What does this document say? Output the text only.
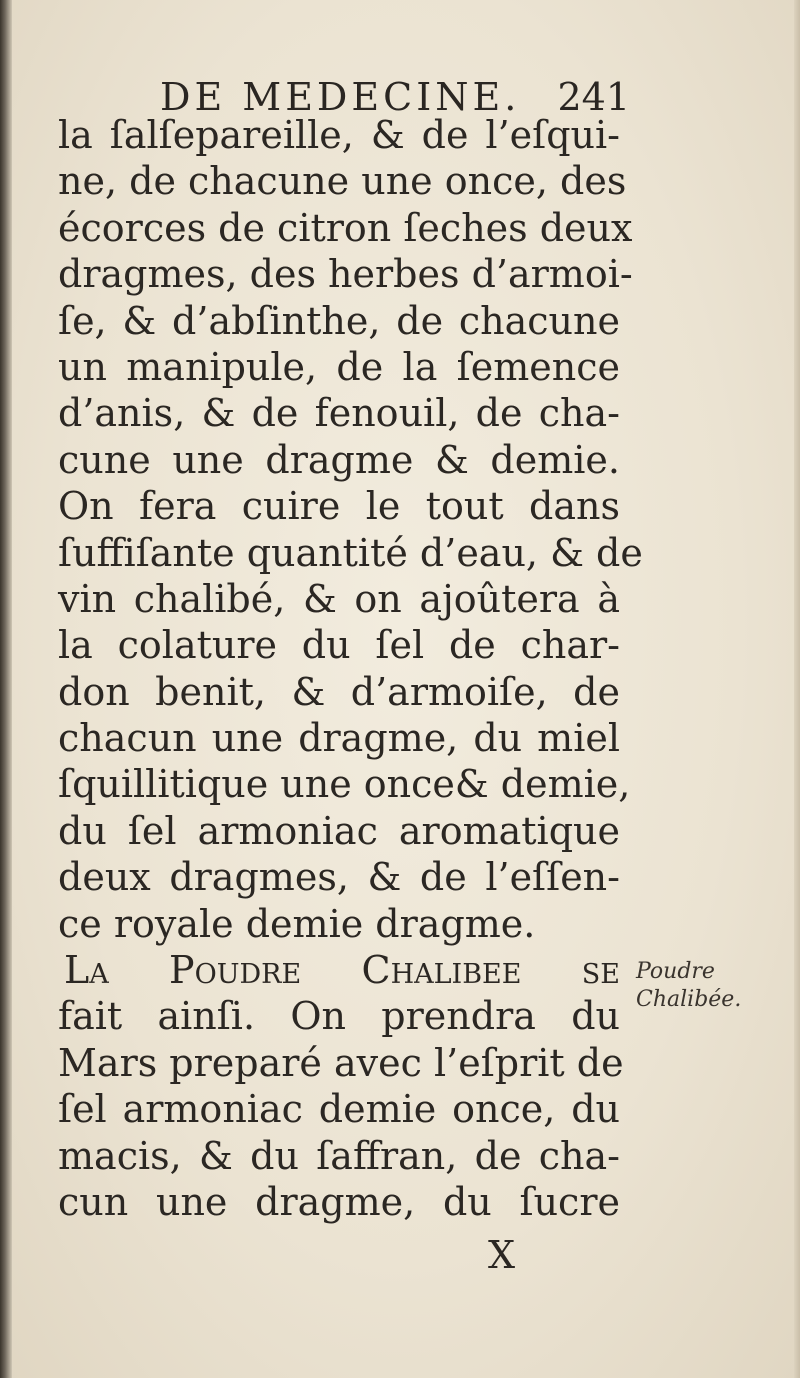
DE MEDECINE. 241
la ſalſepareille, & de l’eſqui-
ne, de chacune une once, des
écorces de citron ſeches deux
dragmes, des herbes d’armoi-
ſe, & d’abſinthe, de chacune
un manipule, de la ſemence
d’anis, & de fenouil, de cha-
cune une dragme & demie.
On fera cuire le tout dans
ſuffiſante quantité d’eau, & de
vin chalibé, & on ajoûtera à
la colature du ſel de char-
don benit, & d’armoiſe, de
chacun une dragme, du miel
ſquillitique une once& demie,
du ſel armoniac aromatique
deux dragmes, & de l’eſſen-
ce royale demie dragme.
La Poudre Chalibee ſe
fait ainſi. On prendra du
Mars preparé avec l’eſprit de
ſel armoniac demie once, du
macis, & du ſaffran, de cha-
cun une dragme, du ſucre
Poudre
Chalibée.
X
